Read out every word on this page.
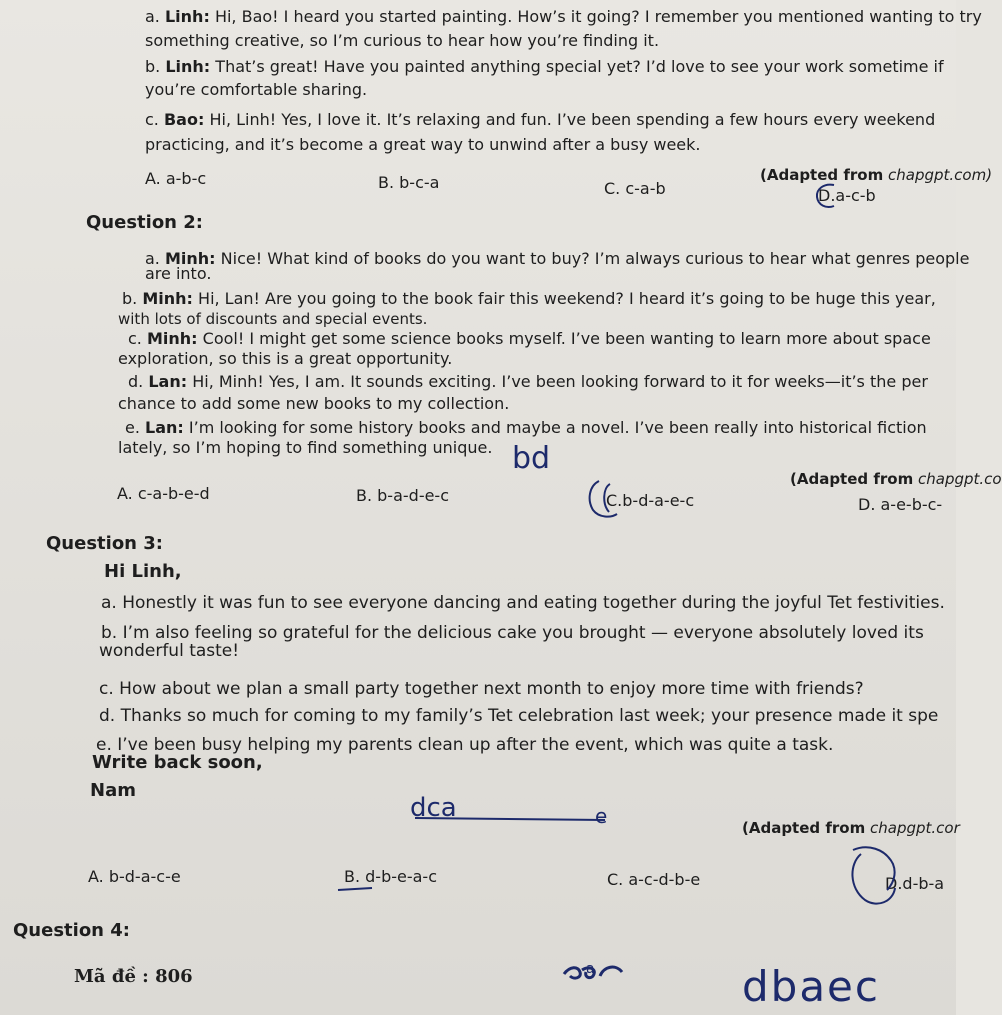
a. Linh: Hi, Bao! I heard you started painting. How’s it going? I remember you mentioned wanting to try
something creative, so I’m curious to hear how you’re finding it.
b. Linh: That’s great! Have you painted anything special yet? I’d love to see your work sometime if
you’re comfortable sharing.
c. Bao: Hi, Linh! Yes, I love it. It’s relaxing and fun. I’ve been spending a few hours every weekend
practicing, and it’s become a great way to unwind after a busy week.
(Adapted from chapgpt.com)
A. a-b-c	B. b-c-a	C. c-a-b	D.a-c-b
Question 2:
a. Minh: Nice! What kind of books do you want to buy? I’m always curious to hear what genres people
are into.
b. Minh: Hi, Lan! Are you going to the book fair this weekend? I heard it’s going to be huge this year,
with lots of discounts and special events.
c. Minh: Cool! I might get some science books myself. I’ve been wanting to learn more about space
exploration, so this is a great opportunity.
d. Lan: Hi, Minh! Yes, I am. It sounds exciting. I’ve been looking forward to it for weeks—it’s the per
chance to add some new books to my collection.
e. Lan: I’m looking for some history books and maybe a novel. I’ve been really into historical fiction
lately, so I’m hoping to find something unique. bd
(Adapted from chapgpt.co
A. c-a-b-e-d	B. b-a-d-e-c	C.b-d-a-e-c	D. a-e-b-c-
Question 3:
Hi Linh,
a. Honestly it was fun to see everyone dancing and eating together during the joyful Tet festivities.
b. I’m also feeling so grateful for the delicious cake you brought — everyone absolutely loved its
wonderful taste!
c. How about we plan a small party together next month to enjoy more time with friends?
d. Thanks so much for coming to my family’s Tet celebration last week; your presence made it spe
e. I’ve been busy helping my parents clean up after the event, which was quite a task.
Write back soon,
Nam
dca	e	(Adapted from chapgpt.cor
A. b-d-a-c-e	B. d-b-e-a-c	C. a-c-d-b-e	D.d-b-a
Question 4:
Mã đề : 806	a	dbaec
